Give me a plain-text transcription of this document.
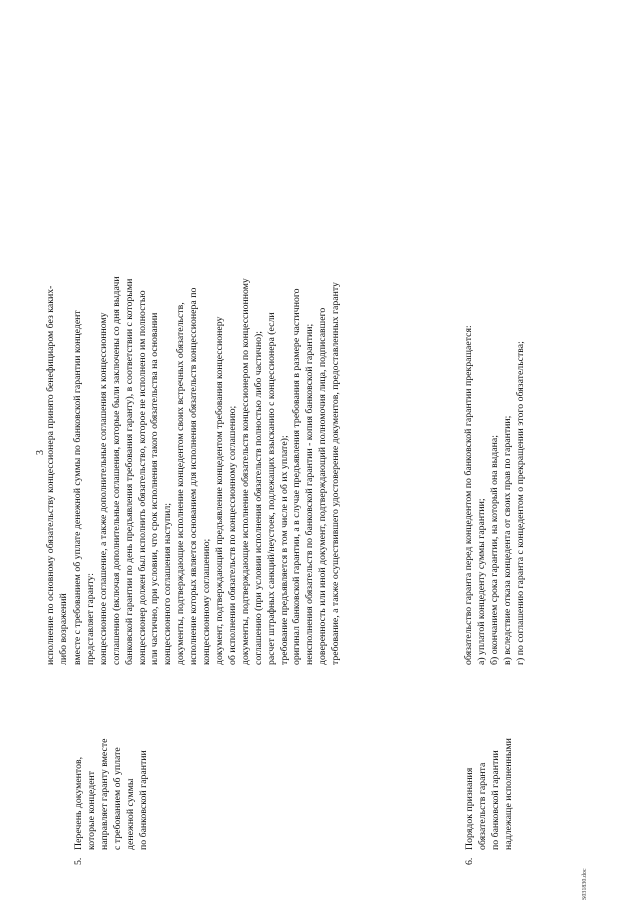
3 исполнение по основному обязательству концессионера принято бенефициаром без каких- либо возражений
5.
Перечень документов, которые концедент направляет гаранту вместе с требованием об уплате денежной суммы по банковской гарантии
вместе с требованием об уплате денежной суммы по банковской гарантии концедент представляет гаранту: концессионное соглашение, а также дополнительные соглашения к концессионному соглашению (включая дополнительные соглашения, которые были заключены со дня выдачи банковской гарантии по день предъявления требования гаранту), в соответствии с которыми концессионер должен был исполнить обязательство, которое не исполнено им полностью или частично, при условии, что срок исполнения такого обязательства на основании концессионного соглашения наступил; документы, подтверждающие исполнение концедентом своих встречных обязательств, исполнение которых является основанием для исполнения обязательств концессионера по концессионному соглашению; документ, подтверждающий предъявление концедентом требования концессионеру об исполнении обязательств по концессионному соглашению; документы, подтверждающие исполнение обязательств концессионером по концессионному соглашению (при условии исполнения обязательств полностью либо частично); расчет штрафных санкций/неустоек, подлежащих взысканию с концессионера (если требование предъявляется в том числе и об их уплате); оригинал банковской гарантии, а в случае предъявления требования в размере частичного неисполнения обязательств по банковской гарантии - копия банковской гарантии; доверенность или иной документ, подтверждающий полномочия лица, подписавшего требование, а также осуществившего удостоверение документов, предоставленных гаранту
6.
Порядок признания обязательств гаранта по банковской гарантии надлежаще исполненными
обязательство гаранта перед концедентом по банковской гарантии прекращается: а) уплатой концеденту суммы гарантии; б) окончанием срока гарантии, на который она выдана; в) вследствие отказа концедента от своих прав по гарантии; г) по соглашению гаранта с концедентом о прекращении этого обязательства;
S031830.doc
